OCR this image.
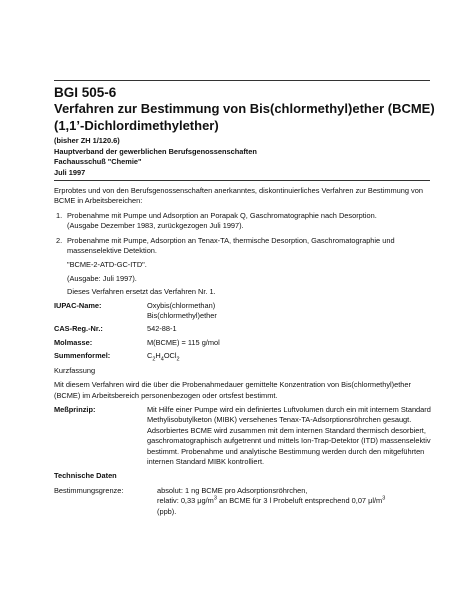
BGI 505-6
Verfahren zur Bestimmung von Bis(chlormethyl)ether (BCME) (1,1’-Dichlordimethylether)
(bisher ZH 1/120.6)
Hauptverband der gewerblichen Berufsgenossenschaften
Fachausschuß "Chemie"
Juli 1997

Erprobtes und von den Berufsgenossenschaften anerkanntes, diskontinuierliches Verfahren zur Bestimmung von BCME in Arbeitsbereichen:

1. Probenahme mit Pumpe und Adsorption an Porapak Q, Gaschromatographie nach Desorption.
(Ausgabe Dezember 1983, zurückgezogen Juli 1997).
2. Probenahme mit Pumpe, Adsorption an Tenax-TA, thermische Desorption, Gaschromatographie und massenselektive Detektion.
"BCME-2-ATD-GC-ITD".
(Ausgabe: Juli 1997).
Dieses Verfahren ersetzt das Verfahren Nr. 1.
IUPAC-Name:	Oxybis(chlormethan)
Bis(chlormethyl)ether
CAS-Reg.-Nr.:	542-88-1
Molmasse:	M(BCME) = 115 g/mol
Summenformel:	$C_2H_4OCl_2$
Kurzfassung

Mit diesem Verfahren wird die über die Probenahmedauer gemittelte Konzentration von Bis(chlormethyl)ether (BCME) im Arbeitsbereich personenbezogen oder ortsfest bestimmt.

Meßprinzip:	Mit Hilfe einer Pumpe wird ein definiertes Luftvolumen durch ein mit internem Standard Methylisobutylketon (MIBK) versehenes Tenax-TA-Adsorptionsröhrchen gesaugt. Adsorbiertes BCME wird zusammen mit dem internen Standard thermisch desorbiert, gaschromatographisch aufgetrennt und mittels Ion-Trap-Detektor (ITD) massenselektiv bestimmt. Probenahme und analytische Bestimmung werden durch den mitgeführten internen Standard MIBK kontrolliert.
Technische Daten
Bestimmungsgrenze:	absolut: 1 ng BCME pro Adsorptionsröhrchen,
relativ: 0,33 $\mu g/m^3$ an BCME für 3 l Probeluft entsprechend 0,07 $\mu l/m^3$
(ppb).
